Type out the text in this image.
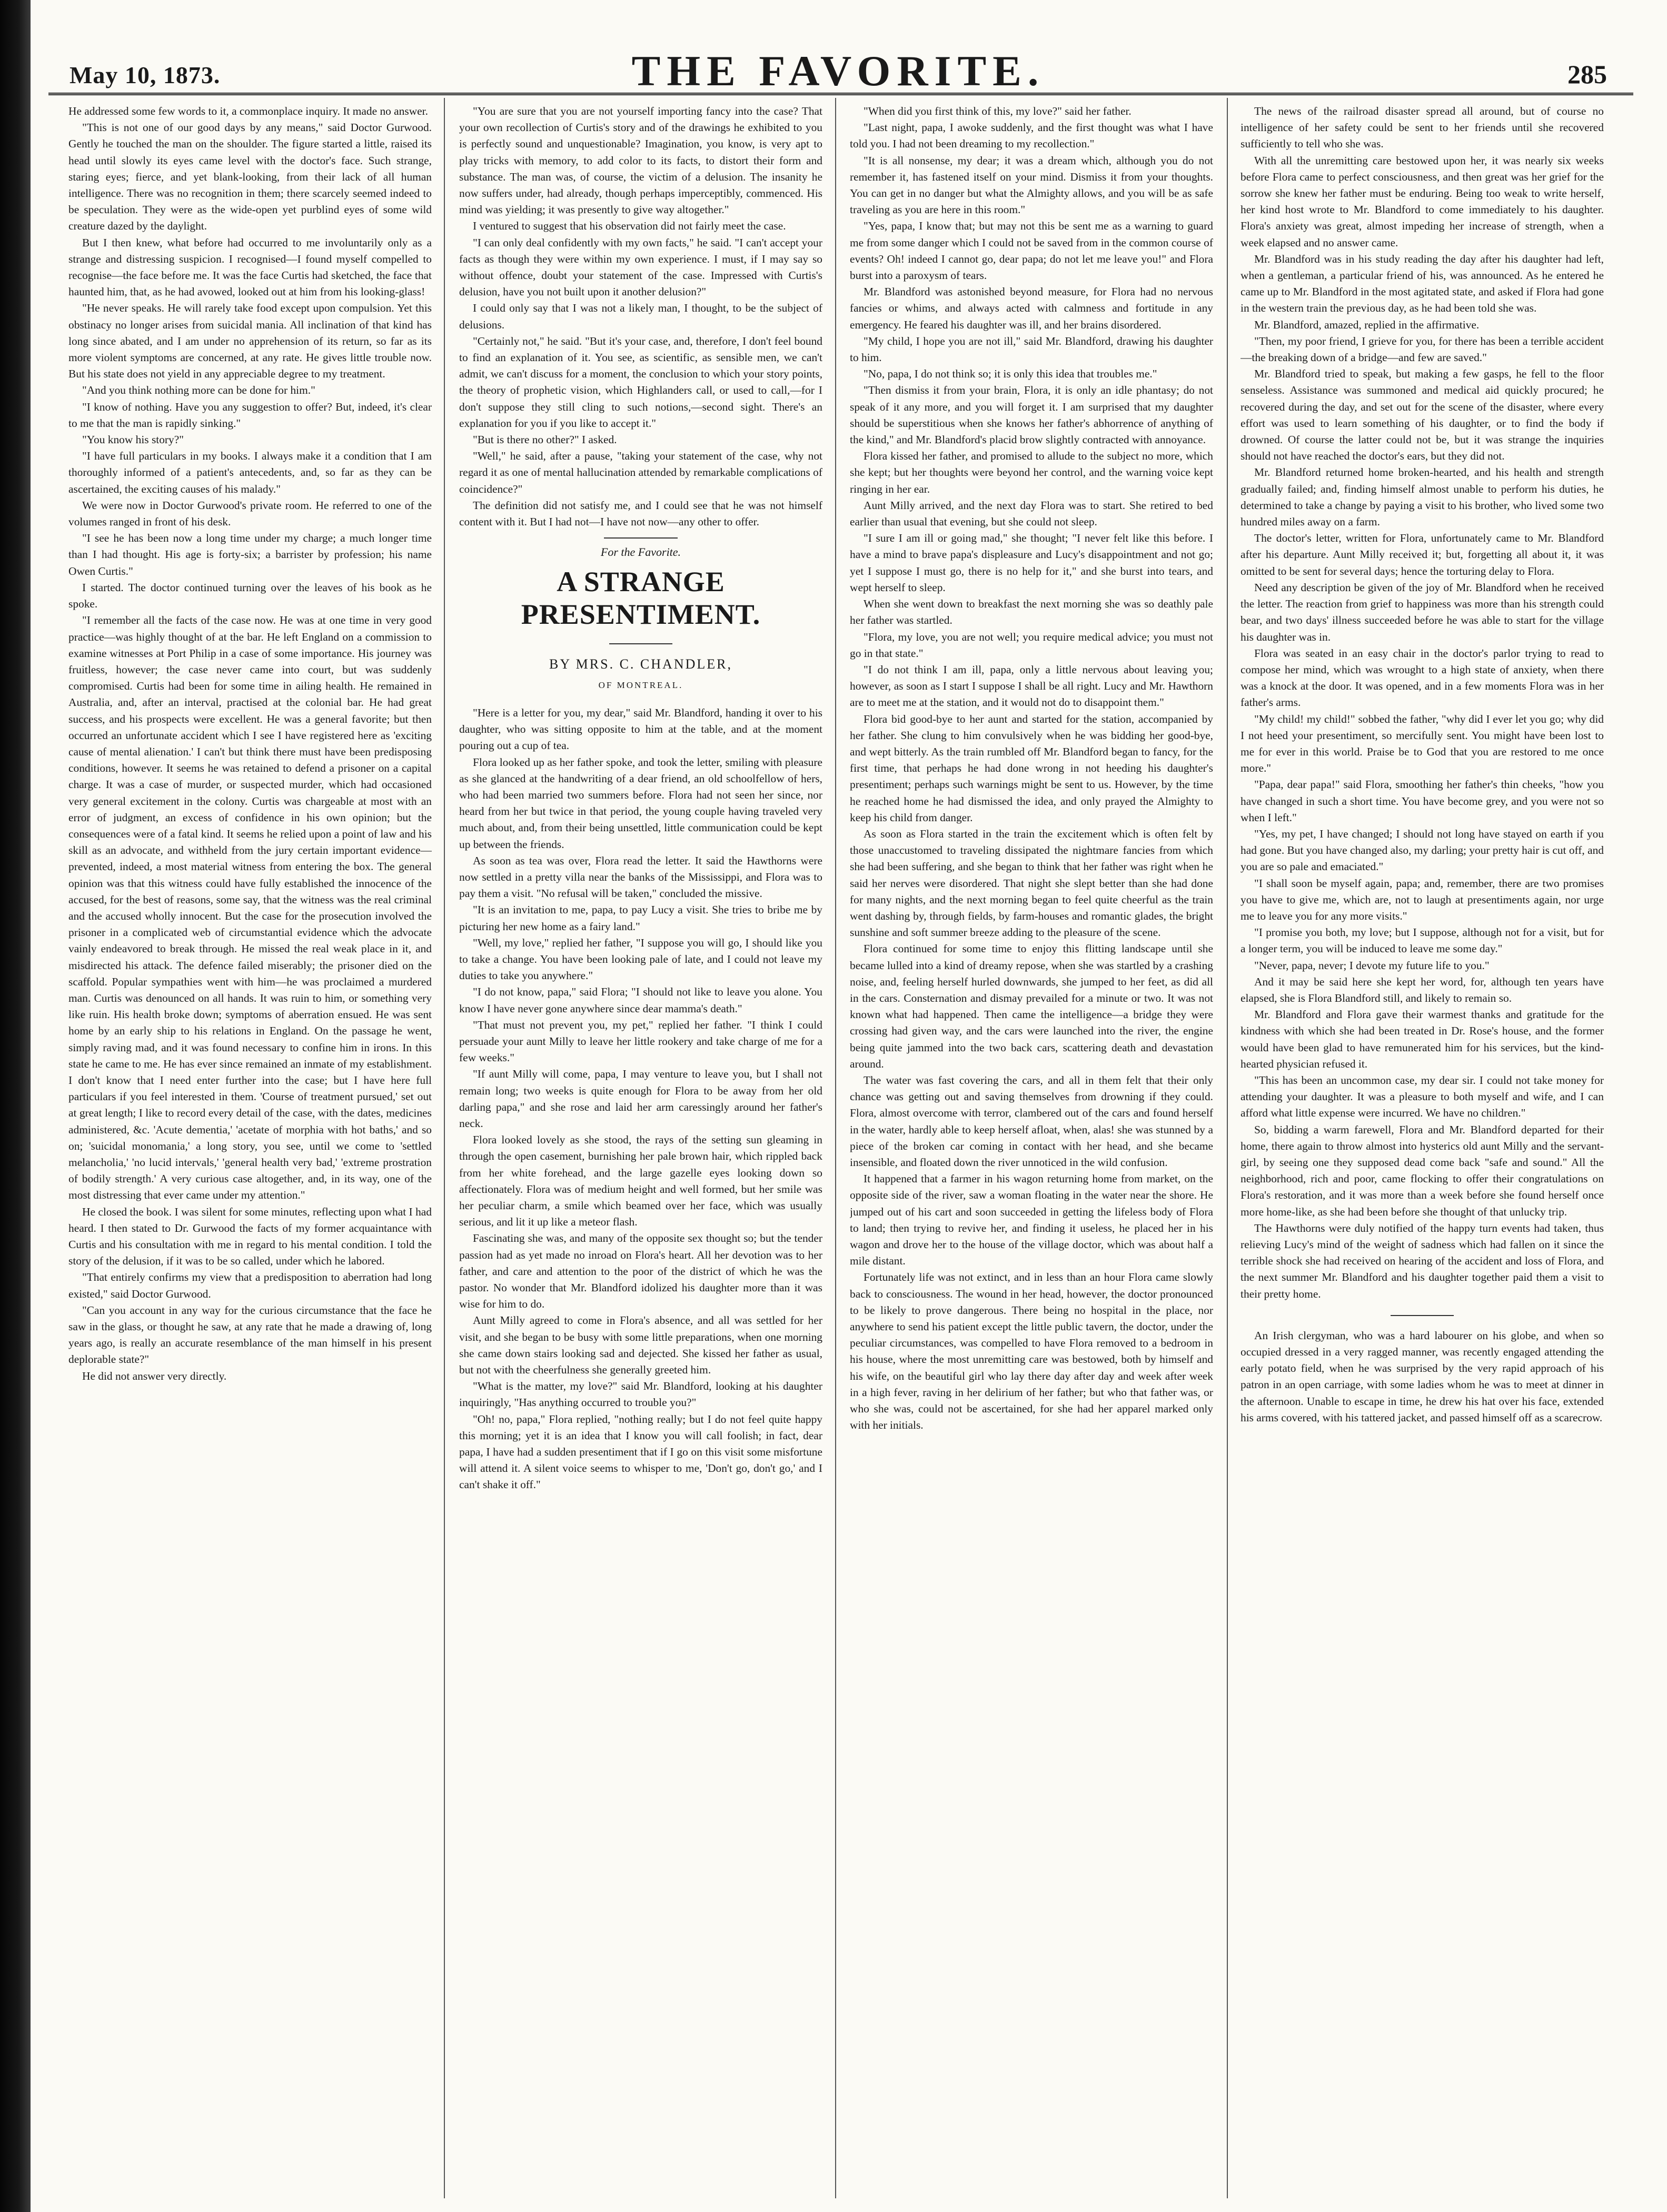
May 10, 1873.	THE FAVORITE.	285

He addressed some few words to it, a commonplace inquiry. It made no answer.

"This is not one of our good days by any means," said Doctor Gurwood. Gently he touched the man on the shoulder. The figure started a little, raised its head until slowly its eyes came level with the doctor's face. Such strange, staring eyes; fierce, and yet blank-looking, from their lack of all human intelligence. There was no recognition in them; there scarcely seemed indeed to be speculation. They were as the wide-open yet purblind eyes of some wild creature dazed by the daylight.

But I then knew, what before had occurred to me involuntarily only as a strange and distressing suspicion. I recognised—I found myself compelled to recognise—the face before me. It was the face Curtis had sketched, the face that haunted him, that, as he had avowed, looked out at him from his looking-glass!

"He never speaks. He will rarely take food except upon compulsion. Yet this obstinacy no longer arises from suicidal mania. All inclination of that kind has long since abated, and I am under no apprehension of its return, so far as its more violent symptoms are concerned, at any rate. He gives little trouble now. But his state does not yield in any appreciable degree to my treatment.

"And you think nothing more can be done for him."

"I know of nothing. Have you any suggestion to offer? But, indeed, it's clear to me that the man is rapidly sinking."

"You know his story?"

"I have full particulars in my books. I always make it a condition that I am thoroughly informed of a patient's antecedents, and, so far as they can be ascertained, the exciting causes of his malady."

We were now in Doctor Gurwood's private room. He referred to one of the volumes ranged in front of his desk.

"I see he has been now a long time under my charge; a much longer time than I had thought. His age is forty-six; a barrister by profession; his name Owen Curtis."

I started. The doctor continued turning over the leaves of his book as he spoke.

"I remember all the facts of the case now. He was at one time in very good practice—was highly thought of at the bar. He left England on a commission to examine witnesses at Port Philip in a case of some importance. His journey was fruitless, however; the case never came into court, but was suddenly compromised. Curtis had been for some time in ailing health. He remained in Australia, and, after an interval, practised at the colonial bar. He had great success, and his prospects were excellent. He was a general favorite; but then occurred an unfortunate accident which I see I have registered here as 'exciting cause of mental alienation.' I can't but think there must have been predisposing conditions, however. It seems he was retained to defend a prisoner on a capital charge. It was a case of murder, or suspected murder, which had occasioned very general excitement in the colony. Curtis was chargeable at most with an error of judgment, an excess of confidence in his own opinion; but the consequences were of a fatal kind. It seems he relied upon a point of law and his skill as an advocate, and withheld from the jury certain important evidence—prevented, indeed, a most material witness from entering the box. The general opinion was that this witness could have fully established the innocence of the accused, for the best of reasons, some say, that the witness was the real criminal and the accused wholly innocent. But the case for the prosecution involved the prisoner in a complicated web of circumstantial evidence which the advocate vainly endeavored to break through. He missed the real weak place in it, and misdirected his attack. The defence failed miserably; the prisoner died on the scaffold. Popular sympathies went with him—he was proclaimed a murdered man. Curtis was denounced on all hands. It was ruin to him, or something very like ruin. His health broke down; symptoms of aberration ensued. He was sent home by an early ship to his relations in England. On the passage he went, simply raving mad, and it was found necessary to confine him in irons. In this state he came to me. He has ever since remained an inmate of my establishment. I don't know that I need enter further into the case; but I have here full particulars if you feel interested in them. 'Course of treatment pursued,' set out at great length; I like to record every detail of the case, with the dates, medicines administered, &c. 'Acute dementia,' 'acetate of morphia with hot baths,' and so on; 'suicidal monomania,' a long story, you see, until we come to 'settled melancholia,' 'no lucid intervals,' 'general health very bad,' 'extreme prostration of bodily strength.' A very curious case altogether, and, in its way, one of the most distressing that ever came under my attention."

He closed the book. I was silent for some minutes, reflecting upon what I had heard. I then stated to Dr. Gurwood the facts of my former acquaintance with Curtis and his consultation with me in regard to his mental condition. I told the story of the delusion, if it was to be so called, under which he labored.

"That entirely confirms my view that a predisposition to aberration had long existed," said Doctor Gurwood.

"Can you account in any way for the curious circumstance that the face he saw in the glass, or thought he saw, at any rate that he made a drawing of, long years ago, is really an accurate resemblance of the man himself in his present deplorable state?"

He did not answer very directly.

"You are sure that you are not yourself importing fancy into the case? That your own recollection of Curtis's story and of the drawings he exhibited to you is perfectly sound and unquestionable? Imagination, you know, is very apt to play tricks with memory, to add color to its facts, to distort their form and substance. The man was, of course, the victim of a delusion. The insanity he now suffers under, had already, though perhaps imperceptibly, commenced. His mind was yielding; it was presently to give way altogether."

I ventured to suggest that his observation did not fairly meet the case.

"I can only deal confidently with my own facts," he said. "I can't accept your facts as though they were within my own experience. I must, if I may say so without offence, doubt your statement of the case. Impressed with Curtis's delusion, have you not built upon it another delusion?"

I could only say that I was not a likely man, I thought, to be the subject of delusions.

"Certainly not," he said. "But it's your case, and, therefore, I don't feel bound to find an explanation of it. You see, as scientific, as sensible men, we can't admit, we can't discuss for a moment, the conclusion to which your story points, the theory of prophetic vision, which Highlanders call, or used to call,—for I don't suppose they still cling to such notions,—second sight. There's an explanation for you if you like to accept it."

"But is there no other?" I asked.

"Well," he said, after a pause, "taking your statement of the case, why not regard it as one of mental hallucination attended by remarkable complications of coincidence?"

The definition did not satisfy me, and I could see that he was not himself content with it. But I had not—I have not now—any other to offer.

For the Favorite.

A STRANGE PRESENTIMENT.
BY MRS. C. CHANDLER,
OF MONTREAL.

"Here is a letter for you, my dear," said Mr. Blandford, handing it over to his daughter, who was sitting opposite to him at the table, and at the moment pouring out a cup of tea.

Flora looked up as her father spoke, and took the letter, smiling with pleasure as she glanced at the handwriting of a dear friend, an old schoolfellow of hers, who had been married two summers before. Flora had not seen her since, nor heard from her but twice in that period, the young couple having traveled very much about, and, from their being unsettled, little communication could be kept up between the friends.

As soon as tea was over, Flora read the letter. It said the Hawthorns were now settled in a pretty villa near the banks of the Mississippi, and Flora was to pay them a visit. "No refusal will be taken," concluded the missive.

"It is an invitation to me, papa, to pay Lucy a visit. She tries to bribe me by picturing her new home as a fairy land."

"Well, my love," replied her father, "I suppose you will go, I should like you to take a change. You have been looking pale of late, and I could not leave my duties to take you anywhere."

"I do not know, papa," said Flora; "I should not like to leave you alone. You know I have never gone anywhere since dear mamma's death."

"That must not prevent you, my pet," replied her father. "I think I could persuade your aunt Milly to leave her little rookery and take charge of me for a few weeks."

"If aunt Milly will come, papa, I may venture to leave you, but I shall not remain long; two weeks is quite enough for Flora to be away from her old darling papa," and she rose and laid her arm caressingly around her father's neck.

Flora looked lovely as she stood, the rays of the setting sun gleaming in through the open casement, burnishing her pale brown hair, which rippled back from her white forehead, and the large gazelle eyes looking down so affectionately. Flora was of medium height and well formed, but her smile was her peculiar charm, a smile which beamed over her face, which was usually serious, and lit it up like a meteor flash.

Fascinating she was, and many of the opposite sex thought so; but the tender passion had as yet made no inroad on Flora's heart. All her devotion was to her father, and care and attention to the poor of the district of which he was the pastor. No wonder that Mr. Blandford idolized his daughter more than it was wise for him to do.

Aunt Milly agreed to come in Flora's absence, and all was settled for her visit, and she began to be busy with some little preparations, when one morning she came down stairs looking sad and dejected. She kissed her father as usual, but not with the cheerfulness she generally greeted him.

"What is the matter, my love?" said Mr. Blandford, looking at his daughter inquiringly, "Has anything occurred to trouble you?"

"Oh! no, papa," Flora replied, "nothing really; but I do not feel quite happy this morning; yet it is an idea that I know you will call foolish; in fact, dear papa, I have had a sudden presentiment that if I go on this visit some misfortune will attend it. A silent voice seems to whisper to me, 'Don't go, don't go,' and I can't shake it off."

"When did you first think of this, my love?" said her father.

"Last night, papa, I awoke suddenly, and the first thought was what I have told you. I had not been dreaming to my recollection."

"It is all nonsense, my dear; it was a dream which, although you do not remember it, has fastened itself on your mind. Dismiss it from your thoughts. You can get in no danger but what the Almighty allows, and you will be as safe traveling as you are here in this room."

"Yes, papa, I know that; but may not this be sent me as a warning to guard me from some danger which I could not be saved from in the common course of events? Oh! indeed I cannot go, dear papa; do not let me leave you!" and Flora burst into a paroxysm of tears.

Mr. Blandford was astonished beyond measure, for Flora had no nervous fancies or whims, and always acted with calmness and fortitude in any emergency. He feared his daughter was ill, and her brains disordered.

"My child, I hope you are not ill," said Mr. Blandford, drawing his daughter to him.

"No, papa, I do not think so; it is only this idea that troubles me."

"Then dismiss it from your brain, Flora, it is only an idle phantasy; do not speak of it any more, and you will forget it. I am surprised that my daughter should be superstitious when she knows her father's abhorrence of anything of the kind," and Mr. Blandford's placid brow slightly contracted with annoyance.

Flora kissed her father, and promised to allude to the subject no more, which she kept; but her thoughts were beyond her control, and the warning voice kept ringing in her ear.

Aunt Milly arrived, and the next day Flora was to start. She retired to bed earlier than usual that evening, but she could not sleep.

"I sure I am ill or going mad," she thought; "I never felt like this before. I have a mind to brave papa's displeasure and Lucy's disappointment and not go; yet I suppose I must go, there is no help for it," and she burst into tears, and wept herself to sleep.

When she went down to breakfast the next morning she was so deathly pale her father was startled.

"Flora, my love, you are not well; you require medical advice; you must not go in that state."

"I do not think I am ill, papa, only a little nervous about leaving you; however, as soon as I start I suppose I shall be all right. Lucy and Mr. Hawthorn are to meet me at the station, and it would not do to disappoint them."

Flora bid good-bye to her aunt and started for the station, accompanied by her father. She clung to him convulsively when he was bidding her good-bye, and wept bitterly. As the train rumbled off Mr. Blandford began to fancy, for the first time, that perhaps he had done wrong in not heeding his daughter's presentiment; perhaps such warnings might be sent to us. However, by the time he reached home he had dismissed the idea, and only prayed the Almighty to keep his child from danger.

As soon as Flora started in the train the excitement which is often felt by those unaccustomed to traveling dissipated the nightmare fancies from which she had been suffering, and she began to think that her father was right when he said her nerves were disordered. That night she slept better than she had done for many nights, and the next morning began to feel quite cheerful as the train went dashing by, through fields, by farm-houses and romantic glades, the bright sunshine and soft summer breeze adding to the pleasure of the scene.

Flora continued for some time to enjoy this flitting landscape until she became lulled into a kind of dreamy repose, when she was startled by a crashing noise, and, feeling herself hurled downwards, she jumped to her feet, as did all in the cars. Consternation and dismay prevailed for a minute or two. It was not known what had happened. Then came the intelligence—a bridge they were crossing had given way, and the cars were launched into the river, the engine being quite jammed into the two back cars, scattering death and devastation around.

The water was fast covering the cars, and all in them felt that their only chance was getting out and saving themselves from drowning if they could. Flora, almost overcome with terror, clambered out of the cars and found herself in the water, hardly able to keep herself afloat, when, alas! she was stunned by a piece of the broken car coming in contact with her head, and she became insensible, and floated down the river unnoticed in the wild confusion.

It happened that a farmer in his wagon returning home from market, on the opposite side of the river, saw a woman floating in the water near the shore. He jumped out of his cart and soon succeeded in getting the lifeless body of Flora to land; then trying to revive her, and finding it useless, he placed her in his wagon and drove her to the house of the village doctor, which was about half a mile distant.

Fortunately life was not extinct, and in less than an hour Flora came slowly back to consciousness. The wound in her head, however, the doctor pronounced to be likely to prove dangerous. There being no hospital in the place, nor anywhere to send his patient except the little public tavern, the doctor, under the peculiar circumstances, was compelled to have Flora removed to a bedroom in his house, where the most unremitting care was bestowed, both by himself and his wife, on the beautiful girl who lay there day after day and week after week in a high fever, raving in her delirium of her father; but who that father was, or who she was, could not be ascertained, for she had her apparel marked only with her initials.

The news of the railroad disaster spread all around, but of course no intelligence of her safety could be sent to her friends until she recovered sufficiently to tell who she was.

With all the unremitting care bestowed upon her, it was nearly six weeks before Flora came to perfect consciousness, and then great was her grief for the sorrow she knew her father must be enduring. Being too weak to write herself, her kind host wrote to Mr. Blandford to come immediately to his daughter. Flora's anxiety was great, almost impeding her increase of strength, when a week elapsed and no answer came.

Mr. Blandford was in his study reading the day after his daughter had left, when a gentleman, a particular friend of his, was announced. As he entered he came up to Mr. Blandford in the most agitated state, and asked if Flora had gone in the western train the previous day, as he had been told she was.

Mr. Blandford, amazed, replied in the affirmative.

"Then, my poor friend, I grieve for you, for there has been a terrible accident—the breaking down of a bridge—and few are saved."

Mr. Blandford tried to speak, but making a few gasps, he fell to the floor senseless. Assistance was summoned and medical aid quickly procured; he recovered during the day, and set out for the scene of the disaster, where every effort was used to learn something of his daughter, or to find the body if drowned. Of course the latter could not be, but it was strange the inquiries should not have reached the doctor's ears, but they did not.

Mr. Blandford returned home broken-hearted, and his health and strength gradually failed; and, finding himself almost unable to perform his duties, he determined to take a change by paying a visit to his brother, who lived some two hundred miles away on a farm.

The doctor's letter, written for Flora, unfortunately came to Mr. Blandford after his departure. Aunt Milly received it; but, forgetting all about it, it was omitted to be sent for several days; hence the torturing delay to Flora.

Need any description be given of the joy of Mr. Blandford when he received the letter. The reaction from grief to happiness was more than his strength could bear, and two days' illness succeeded before he was able to start for the village his daughter was in.

Flora was seated in an easy chair in the doctor's parlor trying to read to compose her mind, which was wrought to a high state of anxiety, when there was a knock at the door. It was opened, and in a few moments Flora was in her father's arms.

"My child! my child!" sobbed the father, "why did I ever let you go; why did I not heed your presentiment, so mercifully sent. You might have been lost to me for ever in this world. Praise be to God that you are restored to me once more."

"Papa, dear papa!" said Flora, smoothing her father's thin cheeks, "how you have changed in such a short time. You have become grey, and you were not so when I left."

"Yes, my pet, I have changed; I should not long have stayed on earth if you had gone. But you have changed also, my darling; your pretty hair is cut off, and you are so pale and emaciated."

"I shall soon be myself again, papa; and, remember, there are two promises you have to give me, which are, not to laugh at presentiments again, nor urge me to leave you for any more visits."

"I promise you both, my love; but I suppose, although not for a visit, but for a longer term, you will be induced to leave me some day."

"Never, papa, never; I devote my future life to you."

And it may be said here she kept her word, for, although ten years have elapsed, she is Flora Blandford still, and likely to remain so.

Mr. Blandford and Flora gave their warmest thanks and gratitude for the kindness with which she had been treated in Dr. Rose's house, and the former would have been glad to have remunerated him for his services, but the kind-hearted physician refused it.

"This has been an uncommon case, my dear sir. I could not take money for attending your daughter. It was a pleasure to both myself and wife, and I can afford what little expense were incurred. We have no children."

So, bidding a warm farewell, Flora and Mr. Blandford departed for their home, there again to throw almost into hysterics old aunt Milly and the servant-girl, by seeing one they supposed dead come back "safe and sound." All the neighborhood, rich and poor, came flocking to offer their congratulations on Flora's restoration, and it was more than a week before she found herself once more home-like, as she had been before she thought of that unlucky trip.

The Hawthorns were duly notified of the happy turn events had taken, thus relieving Lucy's mind of the weight of sadness which had fallen on it since the terrible shock she had received on hearing of the accident and loss of Flora, and the next summer Mr. Blandford and his daughter together paid them a visit to their pretty home.

An Irish clergyman, who was a hard labourer on his globe, and when so occupied dressed in a very ragged manner, was recently engaged attending the early potato field, when he was surprised by the very rapid approach of his patron in an open carriage, with some ladies whom he was to meet at dinner in the afternoon. Unable to escape in time, he drew his hat over his face, extended his arms covered, with his tattered jacket, and passed himself off as a scarecrow.
